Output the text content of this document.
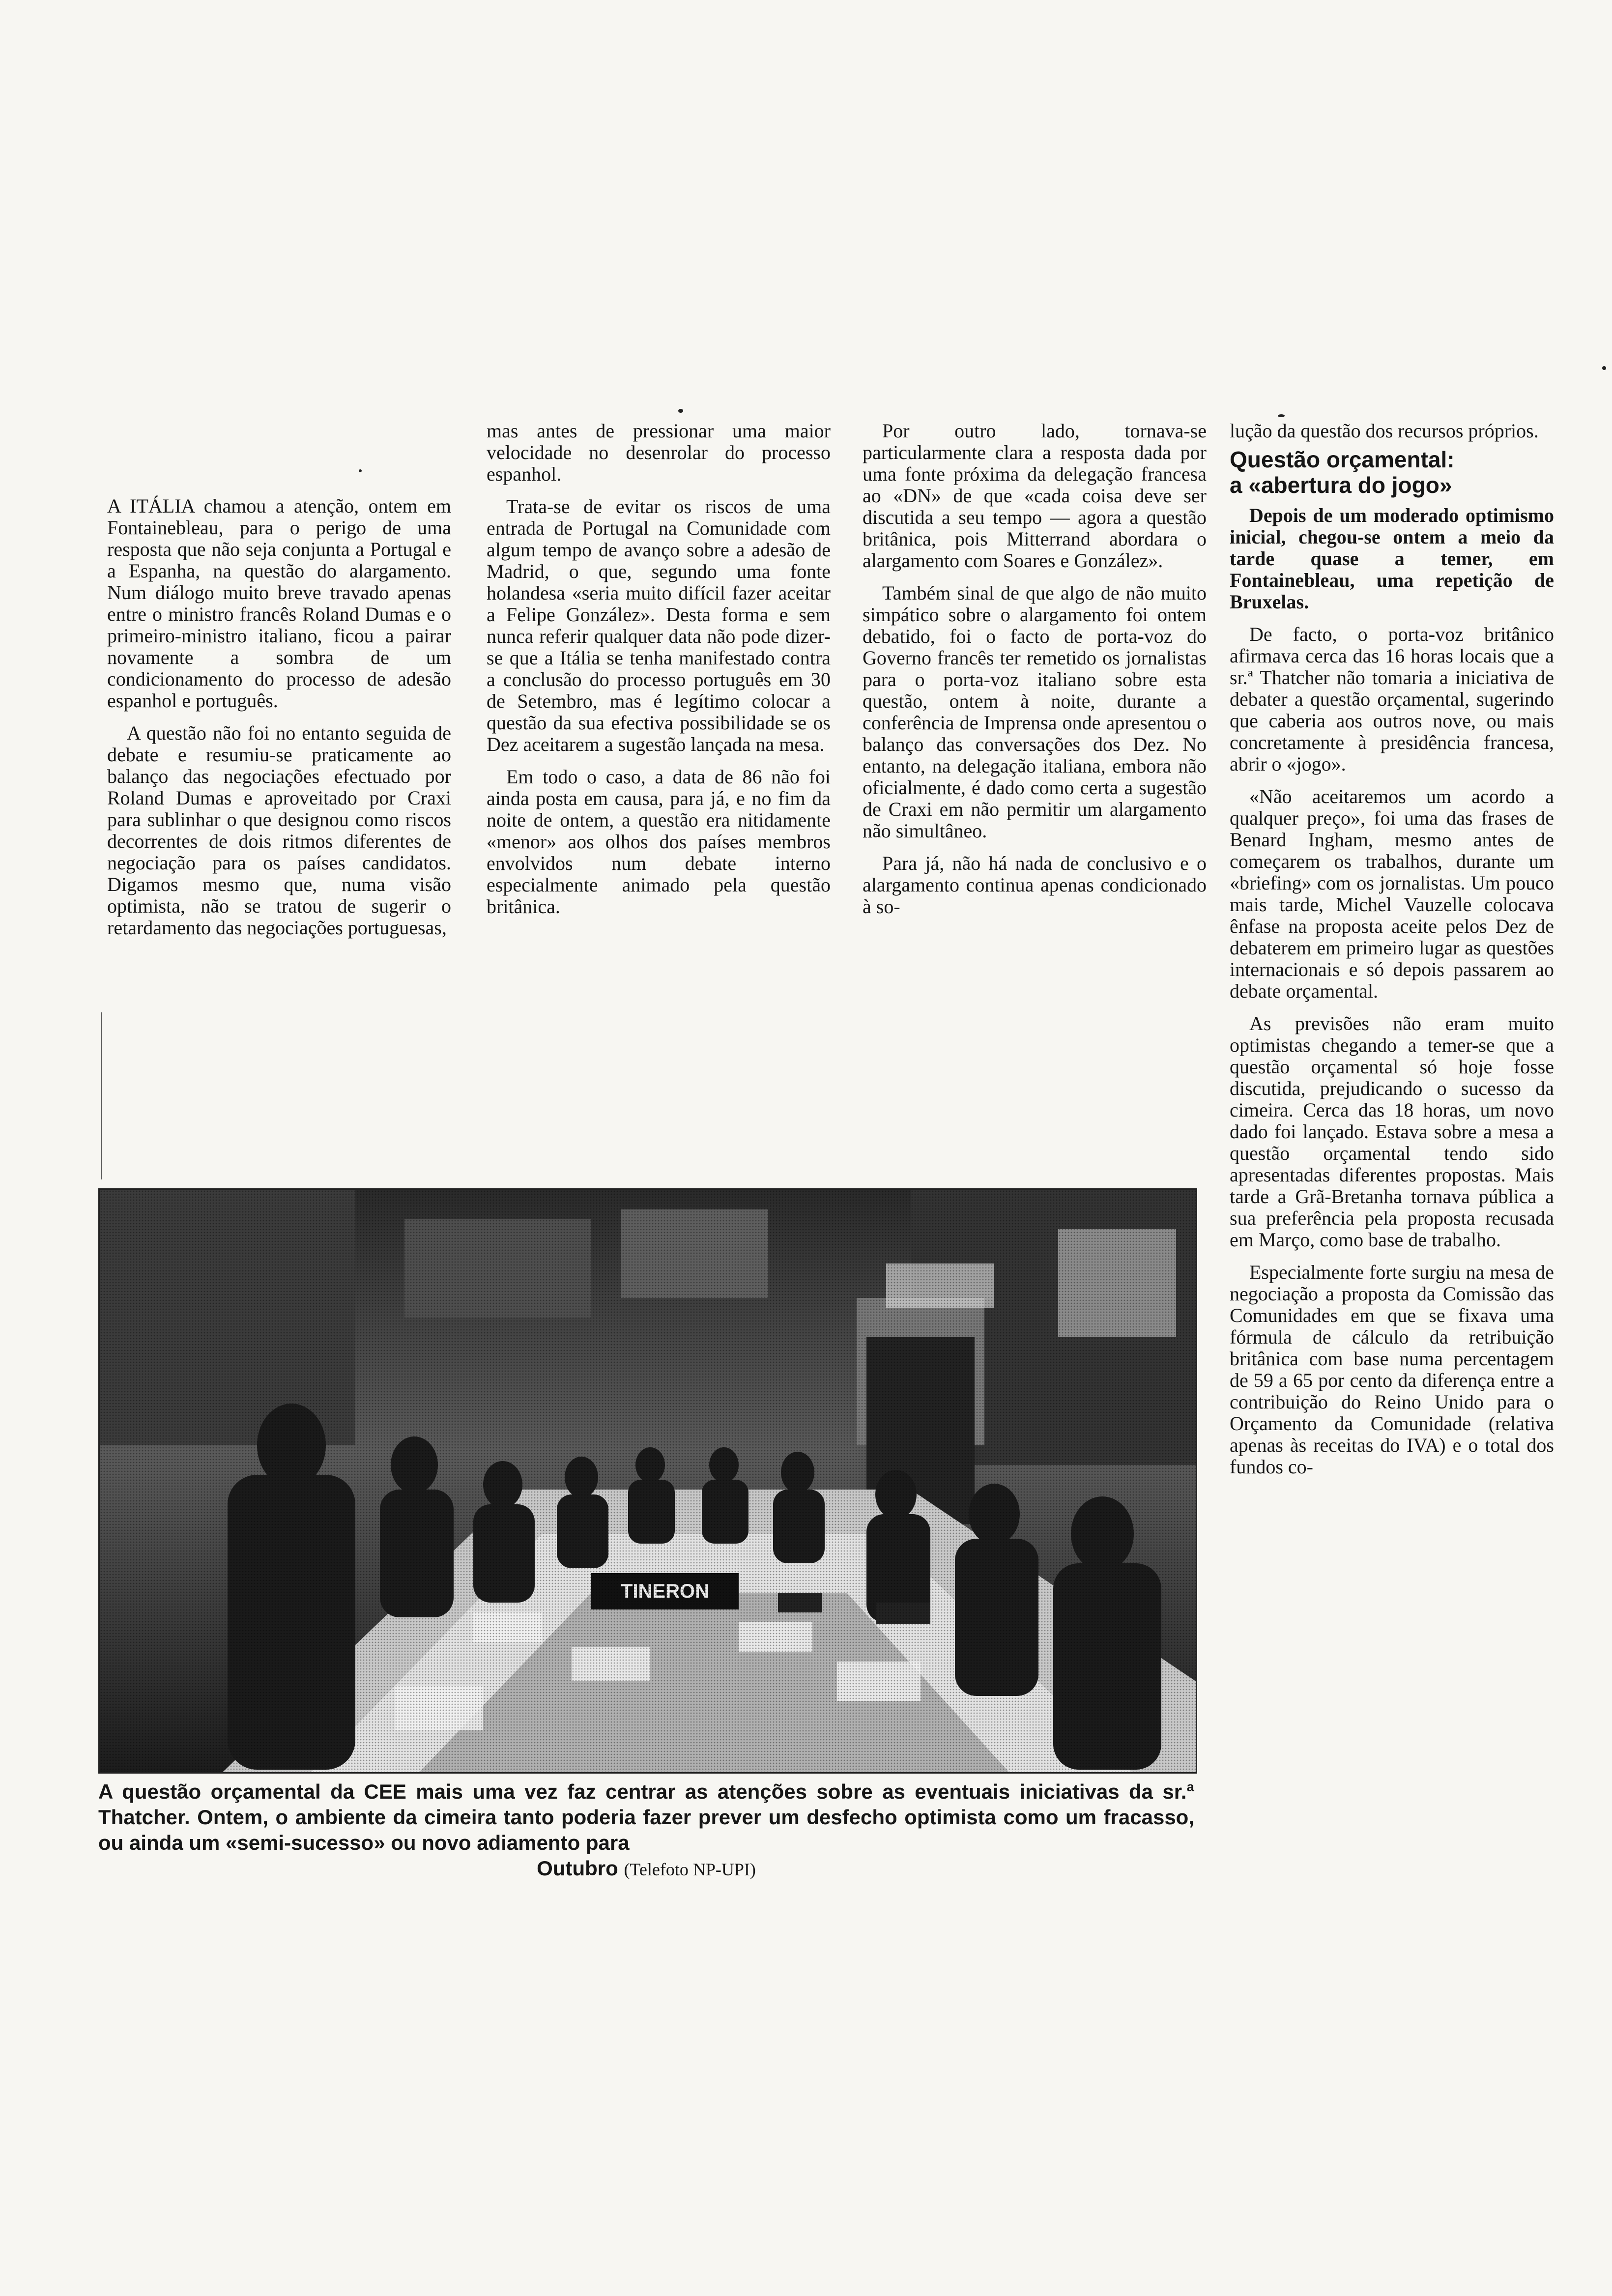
A ITÁLIA chamou a atenção, ontem em Fontainebleau, para o perigo de uma resposta que não seja conjunta a Portugal e a Espanha, na questão do alargamento. Num diálogo muito breve travado apenas entre o ministro francês Roland Dumas e o primeiro-ministro italiano, ficou a pairar novamente a sombra de um condicionamento do processo de adesão espanhol e português.

A questão não foi no entanto seguida de debate e resumiu-se praticamente ao balanço das negociações efectuado por Roland Dumas e aproveitado por Craxi para sublinhar o que designou como riscos decorrentes de dois ritmos diferentes de negociação para os países candidatos. Digamos mesmo que, numa visão optimista, não se tratou de sugerir o retardamento das negociações portuguesas,

mas antes de pressionar uma maior velocidade no desenrolar do processo espanhol.

Trata-se de evitar os riscos de uma entrada de Portugal na Comunidade com algum tempo de avanço sobre a adesão de Madrid, o que, segundo uma fonte holandesa «seria muito difícil fazer aceitar a Felipe González». Desta forma e sem nunca referir qualquer data não pode dizer-se que a Itália se tenha manifestado contra a conclusão do processo português em 30 de Setembro, mas é legítimo colocar a questão da sua efectiva possibilidade se os Dez aceitarem a sugestão lançada na mesa.

Em todo o caso, a data de 86 não foi ainda posta em causa, para já, e no fim da noite de ontem, a questão era nitidamente «menor» aos olhos dos países membros envolvidos num debate interno especialmente animado pela questão britânica.

Por outro lado, tornava-se particularmente clara a resposta dada por uma fonte próxima da delegação francesa ao «DN» de que «cada coisa deve ser discutida a seu tempo — agora a questão britânica, pois Mitterrand abordara o alargamento com Soares e González».

Também sinal de que algo de não muito simpático sobre o alargamento foi ontem debatido, foi o facto de porta-voz do Governo francês ter remetido os jornalistas para o porta-voz italiano sobre esta questão, ontem à noite, durante a conferência de Imprensa onde apresentou o balanço das conversações dos Dez. No entanto, na delegação italiana, embora não oficialmente, é dado como certa a sugestão de Craxi em não permitir um alargamento não simultâneo.

Para já, não há nada de conclusivo e o alargamento continua apenas condicionado à so-

lução da questão dos recursos próprios.

Questão orçamental:
a «abertura do jogo»

Depois de um moderado optimismo inicial, chegou-se ontem a meio da tarde quase a temer, em Fontainebleau, uma repetição de Bruxelas.

De facto, o porta-voz britânico afirmava cerca das 16 horas locais que a sr.ª Thatcher não tomaria a iniciativa de debater a questão orçamental, sugerindo que caberia aos outros nove, ou mais concretamente à presidência francesa, abrir o «jogo».

«Não aceitaremos um acordo a qualquer preço», foi uma das frases de Benard Ingham, mesmo antes de começarem os trabalhos, durante um «briefing» com os jornalistas. Um pouco mais tarde, Michel Vauzelle colocava ênfase na proposta aceite pelos Dez de debaterem em primeiro lugar as questões internacionais e só depois passarem ao debate orçamental.

As previsões não eram muito optimistas chegando a temer-se que a questão orçamental só hoje fosse discutida, prejudicando o sucesso da cimeira. Cerca das 18 horas, um novo dado foi lançado. Estava sobre a mesa a questão orçamental tendo sido apresentadas diferentes propostas. Mais tarde a Grã-Bretanha tornava pública a sua preferência pela proposta recusada em Março, como base de trabalho.

Especialmente forte surgiu na mesa de negociação a proposta da Comissão das Comunidades em que se fixava uma fórmula de cálculo da retribuição britânica com base numa percentagem de 59 a 65 por cento da diferença entre a contribuição do Reino Unido para o Orçamento da Comunidade (relativa apenas às receitas do IVA) e o total dos fundos co-

A questão orçamental da CEE mais uma vez faz centrar as atenções sobre as eventuais iniciativas da sr.ª Thatcher. Ontem, o ambiente da cimeira tanto poderia fazer prever um desfecho optimista como um fracasso, ou ainda um «semi-sucesso» ou novo adiamento para
Outubro (Telefoto NP-UPI)
